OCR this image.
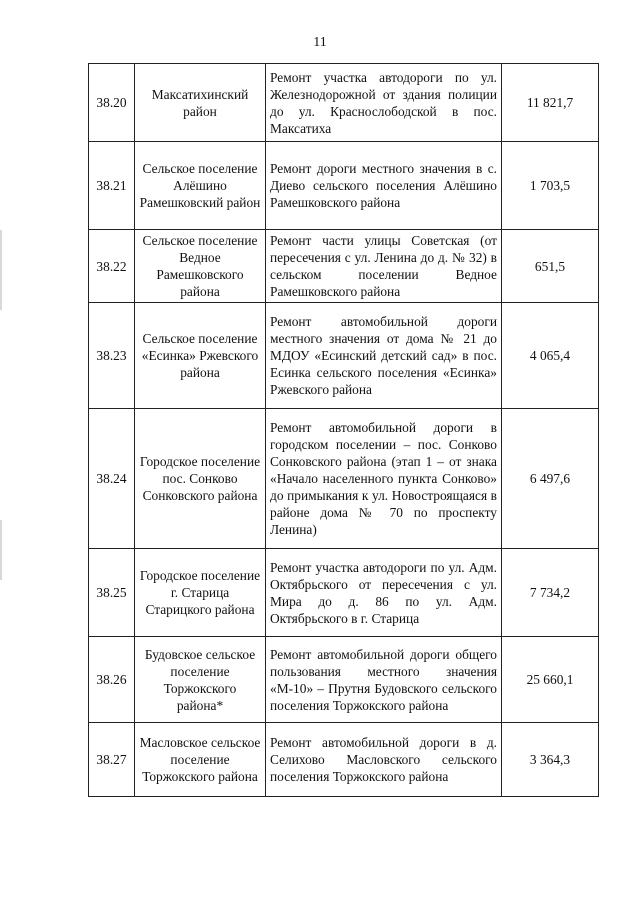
11
38.20	Максатихинский район	Ремонт участка автодороги по ул. Железнодорожной от здания полиции до ул. Краснослободской в пос. Максатиха	11 821,7
38.21	Сельское поселение Алёшино Рамешковский район	Ремонт дороги местного значения в с. Диево сельского поселения Алёшино Рамешковского района	1 703,5
38.22	Сельское поселение Ведное Рамешковского района	Ремонт части улицы Советская (от пересечения с ул. Ленина до д. № 32) в сельском поселении Ведное Рамешковского района	651,5
38.23	Сельское поселение «Есинка» Ржевского района	Ремонт автомобильной дороги местного значения от дома № 21 до МДОУ «Есинский детский сад» в пос. Есинка сельского поселения «Есинка» Ржевского района	4 065,4
38.24	Городское поселение пос. Сонково Сонковского района	Ремонт автомобильной дороги в городском поселении – пос. Сонково Сонковского района (этап 1 – от знака «Начало населенного пункта Сонково» до примыкания к ул. Новостроящаяся в районе дома № 70 по проспекту Ленина)	6 497,6
38.25	Городское поселение г. Старица Старицкого района	Ремонт участка автодороги по ул. Адм. Октябрьского от пересечения с ул. Мира до д. 86 по ул. Адм. Октябрьского в г. Старица	7 734,2
38.26	Будовское сельское поселение Торжокского района*	Ремонт автомобильной дороги общего пользования местного значения «М-10» – Прутня Будовского сельского поселения Торжокского района	25 660,1
38.27	Масловское сельское поселение Торжокского района	Ремонт автомобильной дороги в д. Селихово Масловского сельского поселения Торжокского района	3 364,3
